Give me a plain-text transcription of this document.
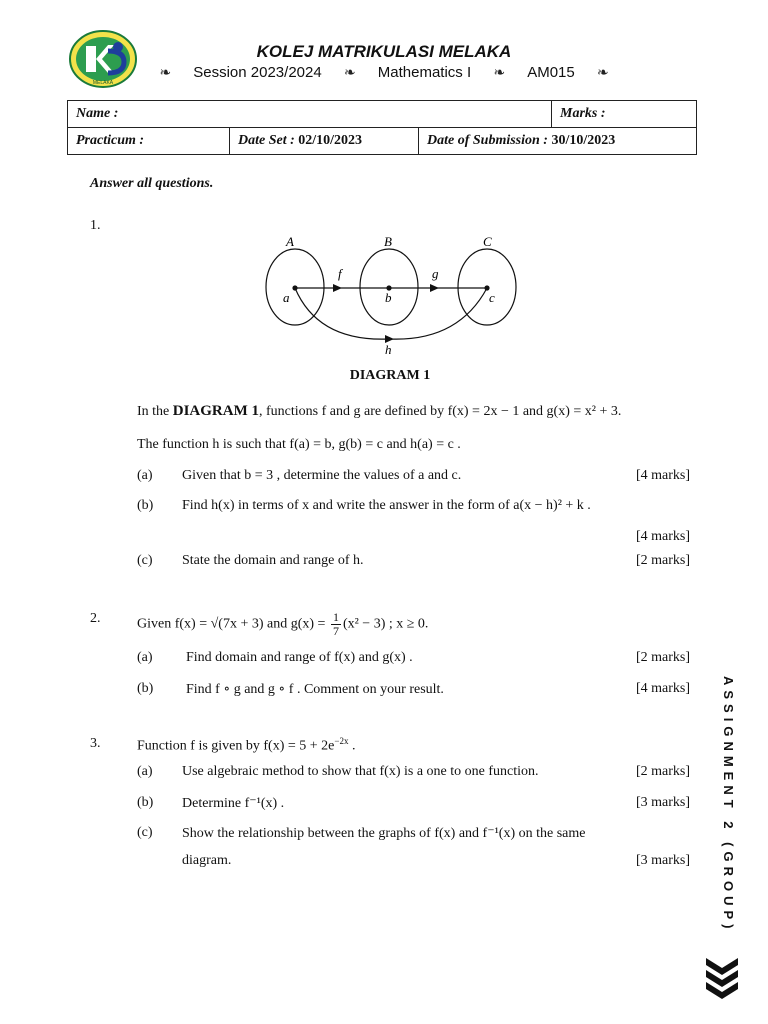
MELAKA
KOLEJ MATRIKULASI MELAKA
❧ Session 2023/2024 ❧ Mathematics I ❧ AM015 ❧
Name :			Marks :
Practicum :	Date Set : 02/10/2023	Date of Submission : 30/10/2023	
Answer all questions.
1.
A	B	C
a	b	c
f	g
h
DIAGRAM 1
In the DIAGRAM 1, functions f and g are defined by f(x) = 2x − 1 and g(x) = x² + 3.
The function h is such that f(a) = b, g(b) = c and h(a) = c .
(a) Given that b = 3 , determine the values of a and c.	[4 marks]
(b) Find h(x) in terms of x and write the answer in the form of a(x − h)² + k .
[4 marks]
(c) State the domain and range of h.	[2 marks]
2.	Given f(x) = √(7x + 3) and $g(x) = \frac{1}{7} (x^2 - 3)$ ; x ≥ 0.
(a) Find domain and range of f(x) and g(x) .	[2 marks]
(b) Find f ∘ g and g ∘ f . Comment on your result.	[4 marks]
3.	Function f is given by $f(x) = 5 + 2e^{-2x}$ .
(a) Use algebraic method to show that f(x) is a one to one function.	[2 marks]
(b) Determine f⁻¹(x) .	[3 marks]
(c) Show the relationship between the graphs of f(x) and f⁻¹(x) on the same
diagram.	[3 marks] ASSIGNMENT 2 (GROUP)
